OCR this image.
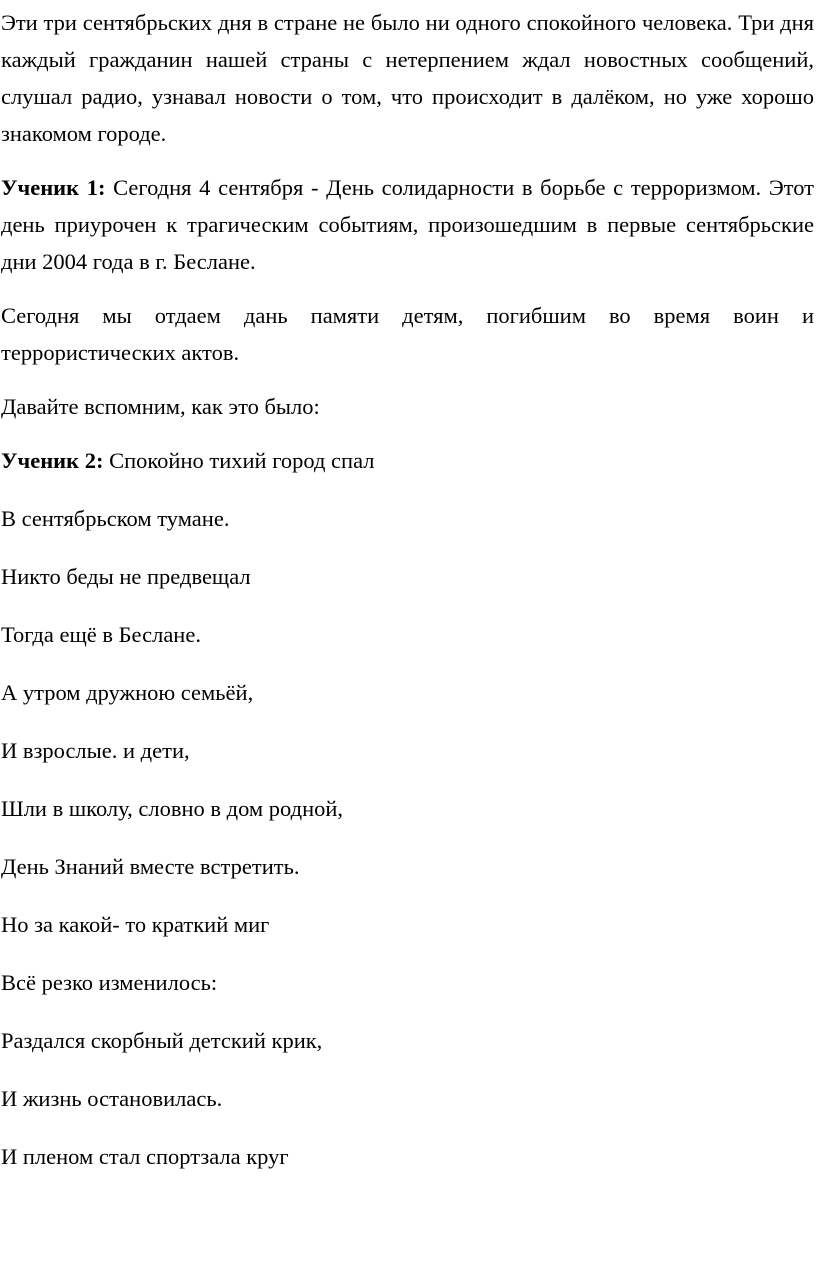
Эти три сентябрьских дня в стране не было ни одного спокойного человека. Три дня каждый гражданин нашей страны с нетерпением ждал новостных сообщений, слушал радио, узнавал новости о том, что происходит в далёком, но уже хорошо знакомом городе.

Ученик 1: Сегодня 4 сентября - День солидарности в борьбе с терроризмом. Этот день приурочен к трагическим событиям, произошедшим в первые сентябрьские дни 2004 года в г. Беслане.

Сегодня мы отдаем дань памяти детям, погибшим во время воин и террористических актов.

Давайте вспомним, как это было:

Ученик 2: Спокойно тихий город спал

В сентябрьском тумане.

Никто беды не предвещал

Тогда ещё в Беслане.

А утром дружною семьёй,

И взрослые. и дети,

Шли в школу, словно в дом родной,

День Знаний вместе встретить.

Но за какой- то краткий миг

Всё резко изменилось:

Раздался скорбный детский крик,

И жизнь остановилась.

И пленом стал спортзала круг
